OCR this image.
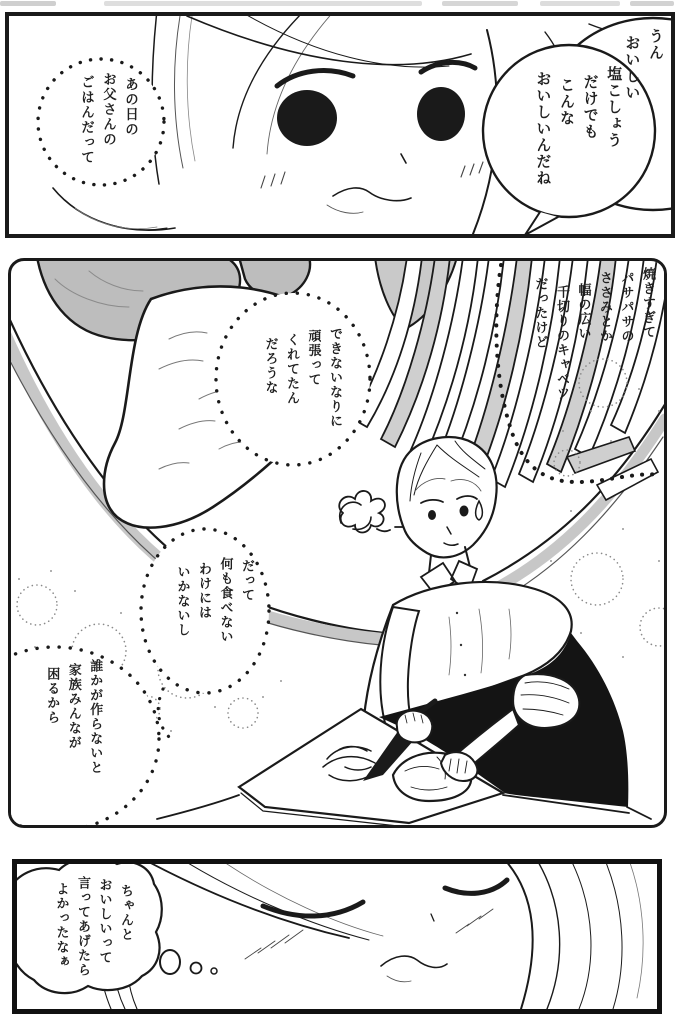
うん
おいしい
塩こしょう
だけでも
こんな
おいしいんだね
あの日の
お父さんの
ごはんだって
焼きすぎて
パサパサの
ささみとか
幅の広い
千切りのキャベツ
だったけど
できないなりに
頑張って
くれてたん
だろうな
だって
何も食べない
わけには
いかないし
誰かが作らないと
家族みんなが
困るから
ちゃんと
おいしいって
言ってあげたら
よかったなぁ
